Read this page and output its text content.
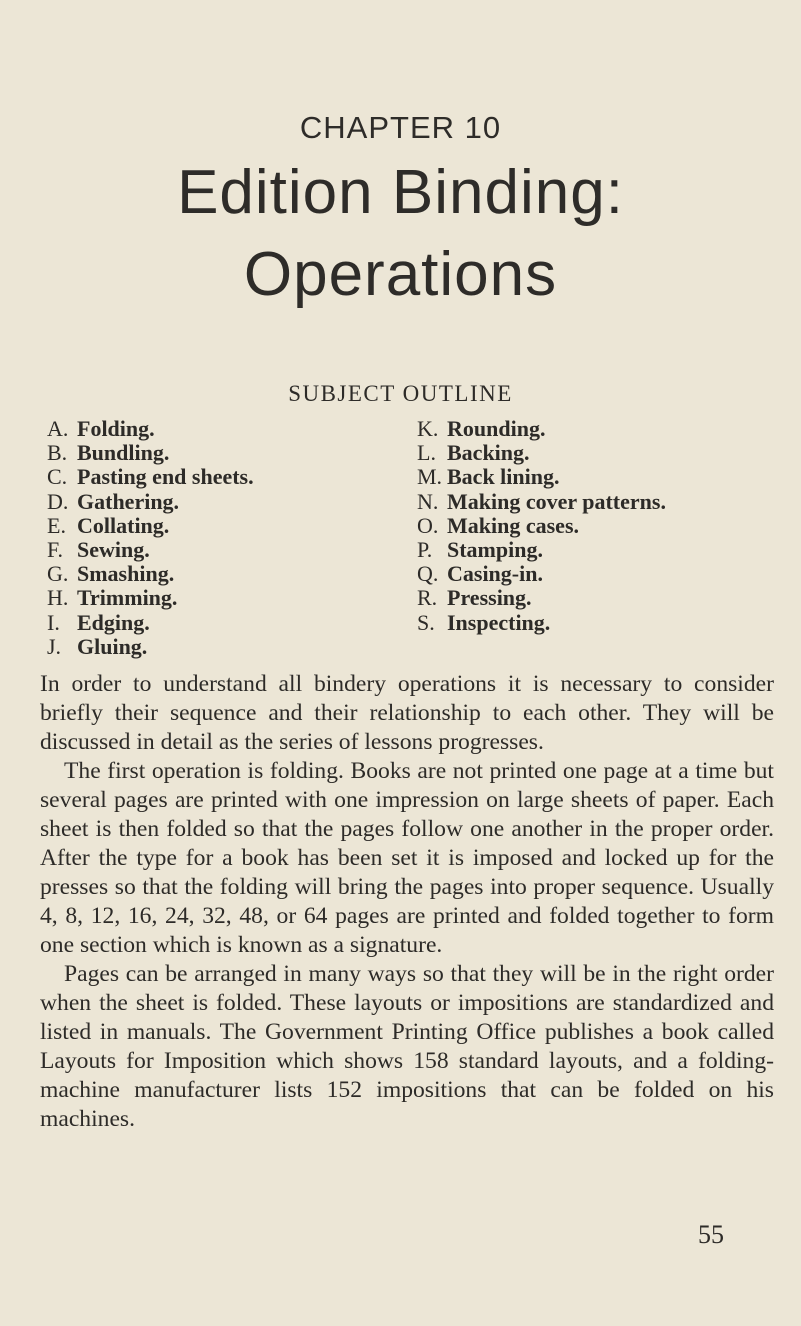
CHAPTER 10
Edition Binding:
Operations
SUBJECT OUTLINE
A. Folding.
B. Bundling.
C. Pasting end sheets.
D. Gathering.
E. Collating.
F. Sewing.
G. Smashing.
H. Trimming.
I. Edging.
J. Gluing.
K. Rounding.
L. Backing.
M. Back lining.
N. Making cover patterns.
O. Making cases.
P. Stamping.
Q. Casing-in.
R. Pressing.
S. Inspecting.

In order to understand all bindery operations it is necessary to consider briefly their sequence and their relationship to each other. They will be discussed in detail as the series of lessons progresses.

The first operation is folding. Books are not printed one page at a time but several pages are printed with one impression on large sheets of paper. Each sheet is then folded so that the pages follow one another in the proper order. After the type for a book has been set it is imposed and locked up for the presses so that the folding will bring the pages into proper sequence. Usually 4, 8, 12, 16, 24, 32, 48, or 64 pages are printed and folded together to form one section which is known as a signature.

Pages can be arranged in many ways so that they will be in the right order when the sheet is folded. These layouts or impositions are standardized and listed in manuals. The Government Printing Office publishes a book called Layouts for Imposition which shows 158 standard layouts, and a folding-machine manufacturer lists 152 impositions that can be folded on his machines.

55
